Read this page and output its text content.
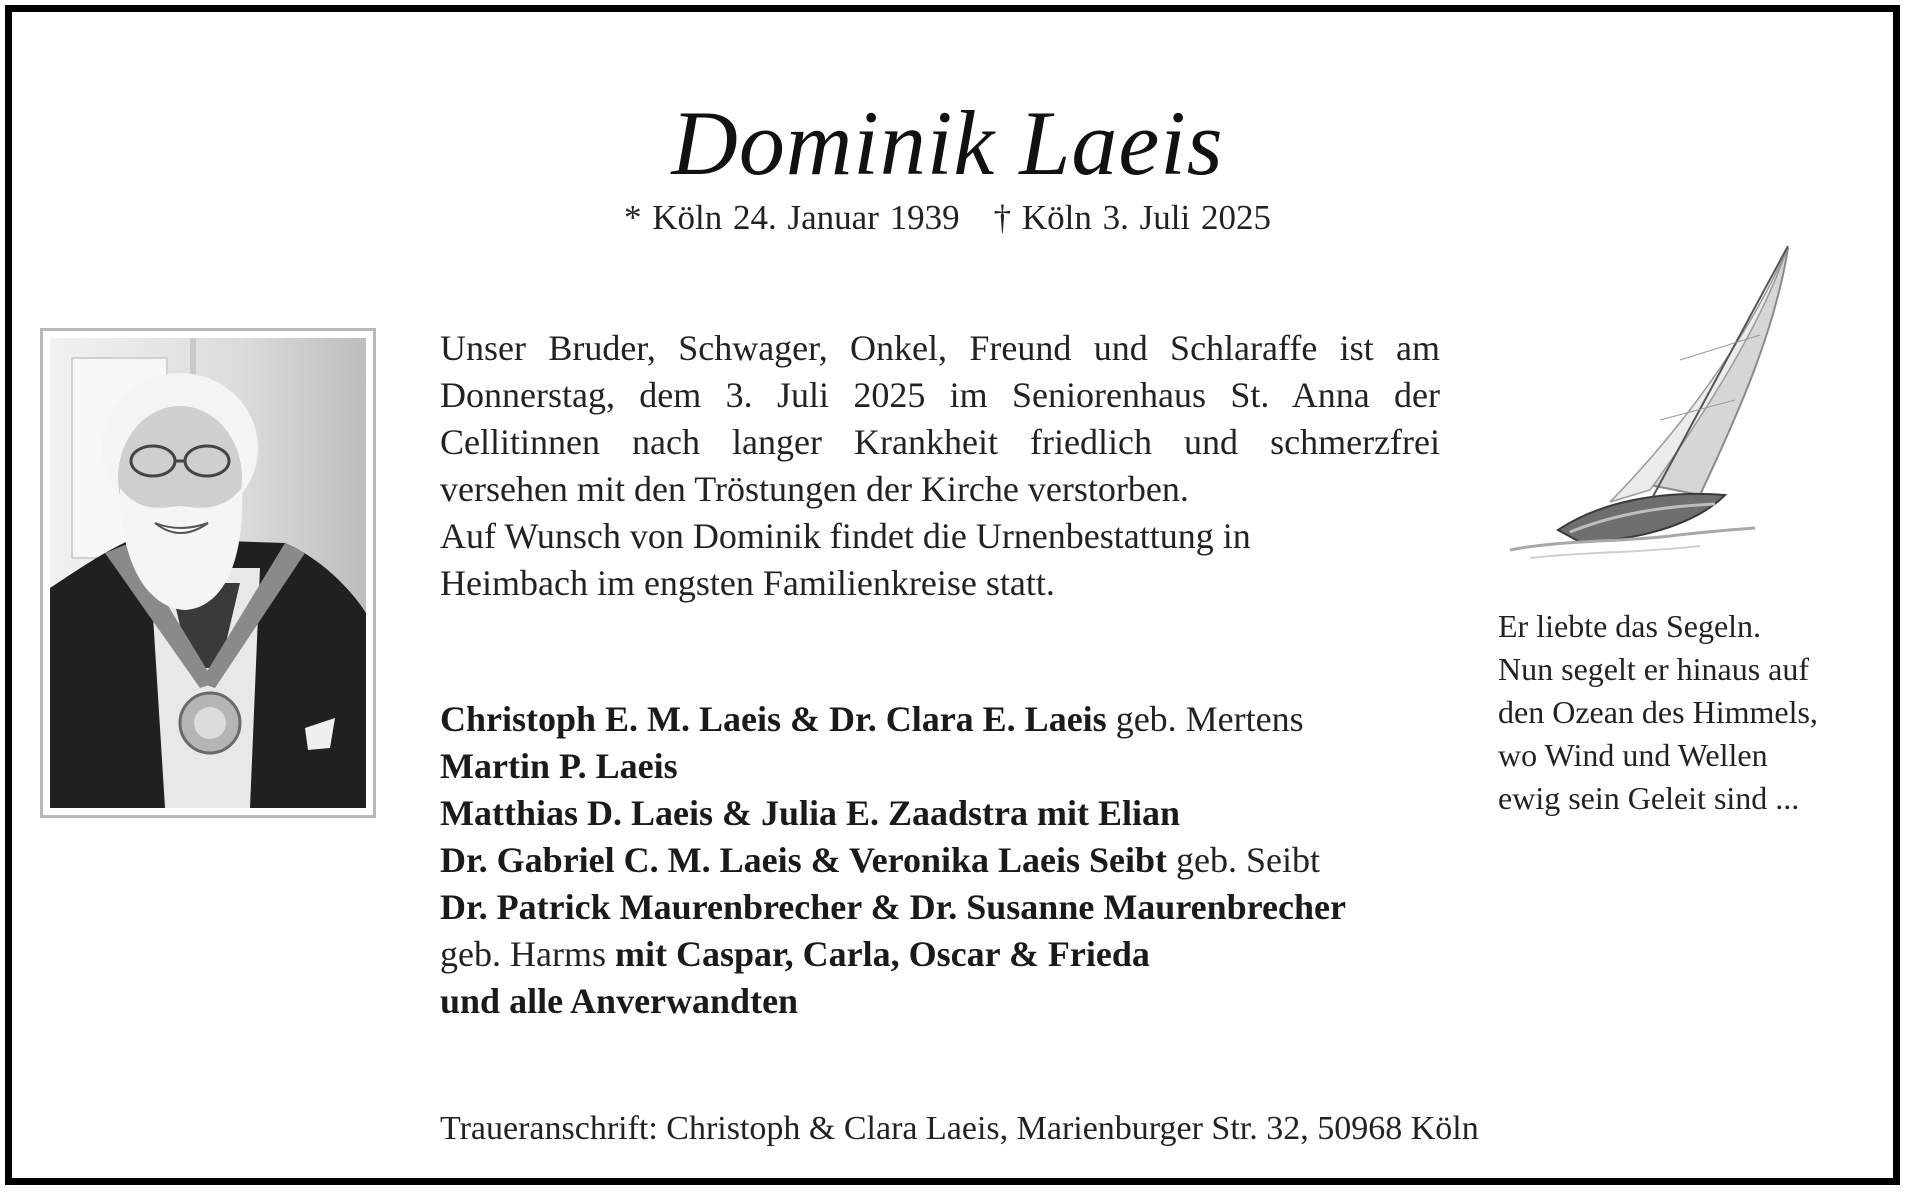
Dominik Laeis
* Köln 24. Januar 1939 † Köln 3. Juli 2025
Unser Bruder, Schwager, Onkel, Freund und Schlaraffe ist am
Donnerstag, dem 3. Juli 2025 im Seniorenhaus St. Anna der
Cellitinnen nach langer Krankheit friedlich und schmerzfrei
versehen mit den Tröstungen der Kirche verstorben.
Auf Wunsch von Dominik findet die Urnenbestattung in
Heimbach im engsten Familienkreise statt.
Christoph E. M. Laeis & Dr. Clara E. Laeis geb. Mertens
Martin P. Laeis
Matthias D. Laeis & Julia E. Zaadstra mit Elian
Dr. Gabriel C. M. Laeis & Veronika Laeis Seibt geb. Seibt
Dr. Patrick Maurenbrecher & Dr. Susanne Maurenbrecher
geb. Harms mit Caspar, Carla, Oscar & Frieda
und alle Anverwandten
Er liebte das Segeln.
Nun segelt er hinaus auf
den Ozean des Himmels,
wo Wind und Wellen
ewig sein Geleit sind ...
Traueranschrift: Christoph & Clara Laeis, Marienburger Str. 32, 50968 Köln
